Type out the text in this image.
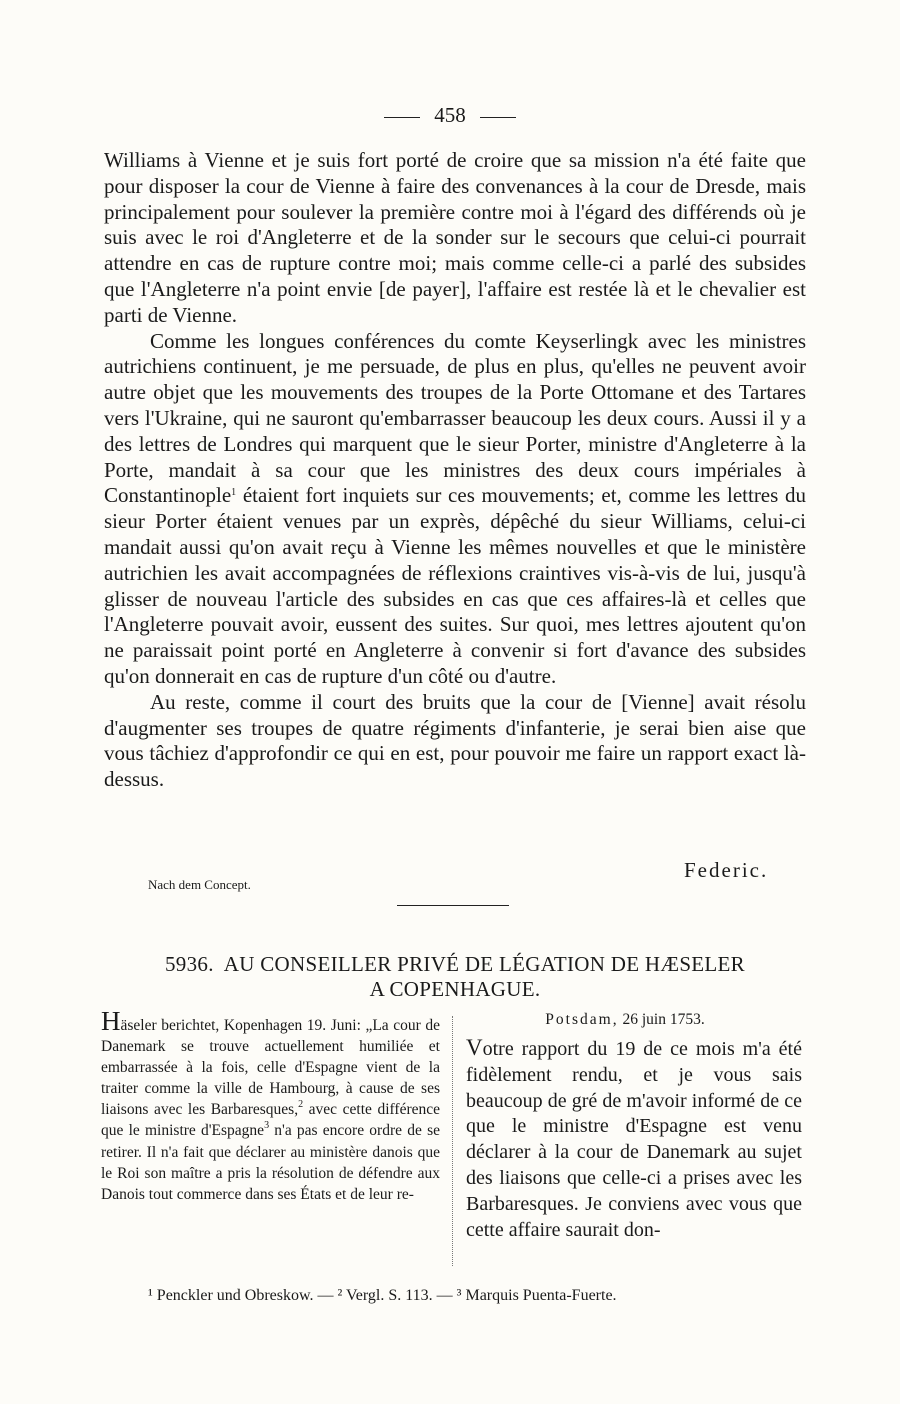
458

Williams à Vienne et je suis fort porté de croire que sa mission n'a été faite que pour disposer la cour de Vienne à faire des convenances à la cour de Dresde, mais principalement pour soulever la première contre moi à l'égard des différends où je suis avec le roi d'Angleterre et de la sonder sur le secours que celui-ci pourrait attendre en cas de rupture contre moi; mais comme celle-ci a parlé des subsides que l'Angleterre n'a point envie [de payer], l'affaire est restée là et le chevalier est parti de Vienne.

Comme les longues conférences du comte Keyserlingk avec les ministres autrichiens continuent, je me persuade, de plus en plus, qu'elles ne peuvent avoir autre objet que les mouvements des troupes de la Porte Ottomane et des Tartares vers l'Ukraine, qui ne sauront qu'embarrasser beaucoup les deux cours. Aussi il y a des lettres de Londres qui marquent que le sieur Porter, ministre d'Angleterre à la Porte, mandait à sa cour que les ministres des deux cours impériales à Constantinople$^1$ étaient fort inquiets sur ces mouvements; et, comme les lettres du sieur Porter étaient venues par un exprès, dépêché du sieur Williams, celui-ci mandait aussi qu'on avait reçu à Vienne les mêmes nouvelles et que le ministère autrichien les avait accompagnées de réflexions craintives vis-à-vis de lui, jusqu'à glisser de nouveau l'article des subsides en cas que ces affaires-là et celles que l'Angleterre pouvait avoir, eussent des suites. Sur quoi, mes lettres ajoutent qu'on ne paraissait point porté en Angleterre à convenir si fort d'avance des subsides qu'on donnerait en cas de rupture d'un côté ou d'autre.

Au reste, comme il court des bruits que la cour de [Vienne] avait résolu d'augmenter ses troupes de quatre régiments d'infanterie, je serai bien aise que vous tâchiez d'approfondir ce qui en est, pour pouvoir me faire un rapport exact là-dessus.

Federic.
Nach dem Concept.
5936. AU CONSEILLER PRIVÉ DE LÉGATION DE HÆSELER
A COPENHAGUE.
Häseler berichtet, Kopenhagen 19. Juni: „La cour de Danemark se trouve actuellement humiliée et embarrassée à la fois, celle d'Espagne vient de la traiter comme la ville de Hambourg, à cause de ses liaisons avec les Barbaresques,$^2$ avec cette différence que le ministre d'Espagne$^3$ n'a pas encore ordre de se retirer. Il n'a fait que déclarer au ministère danois que le Roi son maître a pris la résolution de défendre aux Danois tout commerce dans ses États et de leur re-
Potsdam, 26 juin 1753.
Votre rapport du 19 de ce mois m'a été fidèlement rendu, et je vous sais beaucoup de gré de m'avoir informé de ce que le ministre d'Espagne est venu déclarer à la cour de Danemark au sujet des liaisons que celle-ci a prises avec les Barbaresques. Je conviens avec vous que cette affaire saurait don-
¹ Penckler und Obreskow. — ² Vergl. S. 113. — ³ Marquis Puenta-Fuerte.
